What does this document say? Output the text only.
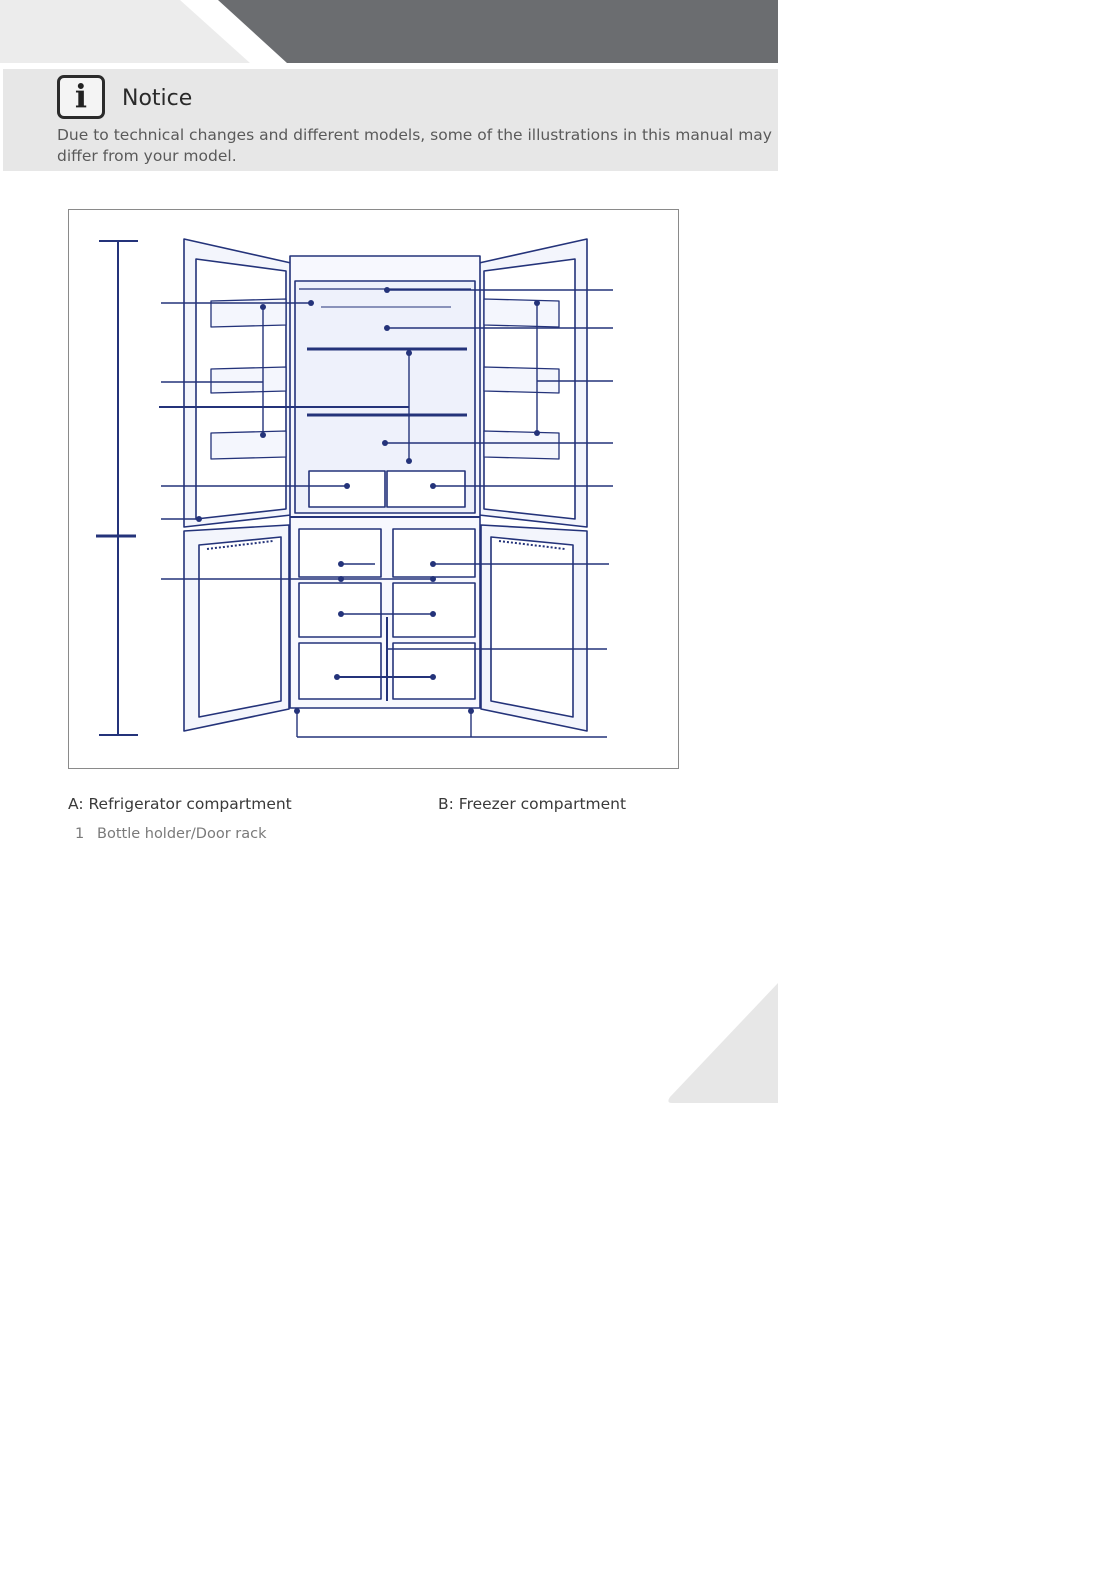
i	Notice
Due to technical changes and different models, some of the illustrations in this manual may differ from your model.
A: Refrigerator compartment	B: Freezer compartment
1 Bottle holder/Door rack
